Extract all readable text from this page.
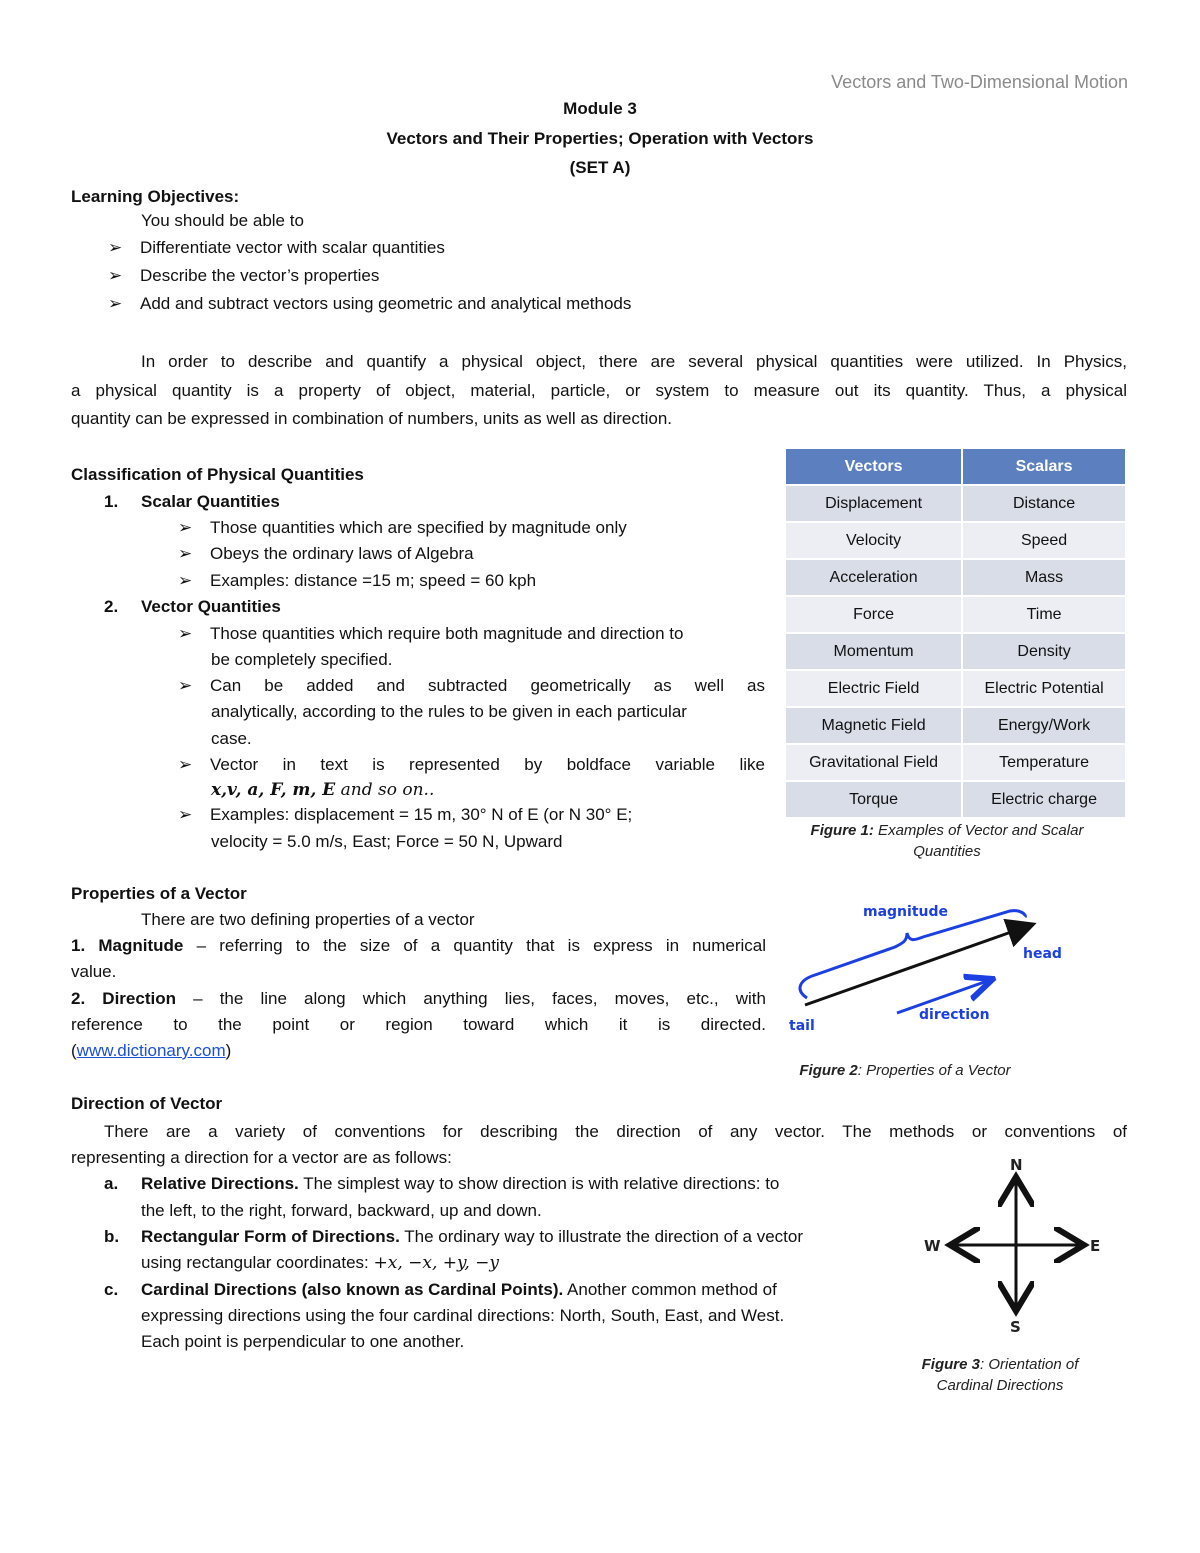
Vectors and Two-Dimensional Motion
Module 3
Vectors and Their Properties; Operation with Vectors
(SET A)
Learning Objectives:
You should be able to
➢ Differentiate vector with scalar quantities
➢ Describe the vector’s properties
➢ Add and subtract vectors using geometric and analytical methods
In order to describe and quantify a physical object, there are several physical quantities were utilized. In Physics,
a physical quantity is a property of object, material, particle, or system to measure out its quantity. Thus, a physical
quantity can be expressed in combination of numbers, units as well as direction.
Classification of Physical Quantities
1. Scalar Quantities
➢ Those quantities which are specified by magnitude only
➢ Obeys the ordinary laws of Algebra
➢ Examples: distance =15 m; speed = 60 kph
2. Vector Quantities
➢ Those quantities which require both magnitude and direction to
be completely specified.
➢ Can be added and subtracted geometrically as well as
analytically, according to the rules to be given in each particular
case.
➢ Vector in text is represented by boldface variable like
x,v, a, F, m, E and so on..
➢ Examples: displacement = 15 m, 30° N of E (or N 30° E;
velocity = 5.0 m/s, East; Force = 50 N, Upward
Vectors	Scalars
Displacement	Distance
Velocity	Speed
Acceleration	Mass
Force	Time
Momentum	Density
Electric Field	Electric Potential
Magnetic Field	Energy/Work
Gravitational Field	Temperature
Torque	Electric charge
Figure 1: Examples of Vector and Scalar
Quantities
Properties of a Vector
There are two defining properties of a vector
1. Magnitude – referring to the size of a quantity that is express in numerical
value.
2. Direction – the line along which anything lies, faces, moves, etc., with
reference to the point or region toward which it is directed.
(www.dictionary.com)
magnitude
head
tail
direction
Figure 2: Properties of a Vector
Direction of Vector
There are a variety of conventions for describing the direction of any vector. The methods or conventions of
representing a direction for a vector are as follows:
a. Relative Directions. The simplest way to show direction is with relative directions: to
the left, to the right, forward, backward, up and down.
b. Rectangular Form of Directions. The ordinary way to illustrate the direction of a vector
using rectangular coordinates: +x, −x, +y, −y
c. Cardinal Directions (also known as Cardinal Points). Another common method of
expressing directions using the four cardinal directions: North, South, East, and West.
Each point is perpendicular to one another.
N
S
E
W
Figure 3: Orientation of
Cardinal Directions
